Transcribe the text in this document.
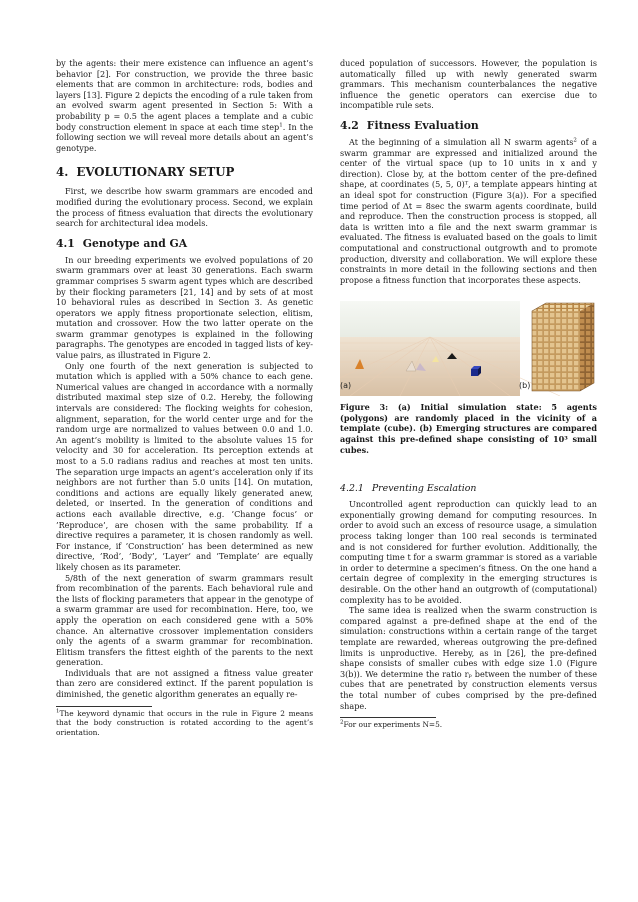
by the agents: their mere existence can influence an agent’s behavior [2]. For construction, we provide the three basic elements that are common in architecture: rods, bodies and layers [13]. Figure 2 depicts the encoding of a rule taken from an evolved swarm agent presented in Section 5: With a probability p = 0.5 the agent places a template and a cubic body construction element in space at each time step$^1$. In the following section we will reveal more details about an agent’s genotype.

4. EVOLUTIONARY SETUP

First, we describe how swarm grammars are encoded and modified during the evolutionary process. Second, we explain the process of fitness evaluation that directs the evolutionary search for architectural idea models.

4.1 Genotype and GA

In our breeding experiments we evolved populations of 20 swarm grammars over at least 30 generations. Each swarm grammar comprises 5 swarm agent types which are described by their flocking parameters [21, 14] and by sets of at most 10 behavioral rules as described in Section 3. As genetic operators we apply fitness proportionate selection, elitism, mutation and crossover. How the two latter operate on the swarm grammar genotypes is explained in the following paragraphs. The genotypes are encoded in tagged lists of key-value pairs, as illustrated in Figure 2.

Only one fourth of the next generation is subjected to mutation which is applied with a 50% chance to each gene. Numerical values are changed in accordance with a normally distributed maximal step size of 0.2. Hereby, the following intervals are considered: The flocking weights for cohesion, alignment, separation, for the world center urge and for the random urge are normalized to values between 0.0 and 1.0. An agent’s mobility is limited to the absolute values 15 for velocity and 30 for acceleration. Its perception extends at most to a 5.0 radians radius and reaches at most ten units. The separation urge impacts an agent’s acceleration only if its neighbors are not further than 5.0 units [14]. On mutation, conditions and actions are equally likely generated anew, deleted, or inserted. In the generation of conditions and actions each available directive, e.g. ’Change focus’ or ’Reproduce’, are chosen with the same probability. If a directive requires a parameter, it is chosen randomly as well. For instance, if ’Construction’ has been determined as new directive, ’Rod’, ’Body’, ’Layer’ and ’Template’ are equally likely chosen as its parameter.

5/8th of the next generation of swarm grammars result from recombination of the parents. Each behavioral rule and the lists of flocking parameters that appear in the genotype of a swarm grammar are used for recombination. Here, too, we apply the operation on each considered gene with a 50% chance. An alternative crossover implementation considers only the agents of a swarm grammar for recombination. Elitism transfers the fittest eighth of the parents to the next generation.

Individuals that are not assigned a fitness value greater than zero are considered extinct. If the parent population is diminished, the genetic algorithm generates an equally re-

$^1$The keyword dynamic that occurs in the rule in Figure 2 means that the body construction is rotated according to the agent’s orientation.

duced population of successors. However, the population is automatically filled up with newly generated swarm grammars. This mechanism counterbalances the negative influence the genetic operators can exercise due to incompatible rule sets.

4.2 Fitness Evaluation

At the beginning of a simulation all N swarm agents$^2$ of a swarm grammar are expressed and initialized around the center of the virtual space (up to 10 units in x and y direction). Close by, at the bottom center of the pre-defined shape, at coordinates (5, 5, 0)ᵀ, a template appears hinting at an ideal spot for construction (Figure 3(a)). For a specified time period of Δt = 8sec the swarm agents coordinate, build and reproduce. Then the construction process is stopped, all data is written into a file and the next swarm grammar is evaluated. The fitness is evaluated based on the goals to limit computational and constructional outgrowth and to promote production, diversity and collaboration. We will explore these constraints in more detail in the following sections and then propose a fitness function that incorporates these aspects.

(a)	(b)

Figure 3: (a) Initial simulation state: 5 agents (polygons) are randomly placed in the vicinity of a template (cube). (b) Emerging structures are compared against this pre-defined shape consisting of 10³ small cubes.

4.2.1 Preventing Escalation

Uncontrolled agent reproduction can quickly lead to an exponentially growing demand for computing resources. In order to avoid such an excess of resource usage, a simulation process taking longer than 100 real seconds is terminated and is not considered for further evolution. Additionally, the computing time t for a swarm grammar is stored as a variable in order to determine a specimen’s fitness. On the one hand a certain degree of complexity in the emerging structures is desirable. On the other hand an outgrowth of (computational) complexity has to be avoided.

The same idea is realized when the swarm construction is compared against a pre-defined shape at the end of the simulation: constructions within a certain range of the target template are rewarded, whereas outgrowing the pre-defined limits is unproductive. Hereby, as in [26], the pre-defined shape consists of smaller cubes with edge size 1.0 (Figure 3(b)). We determine the ratio rₚ between the number of these cubes that are penetrated by construction elements versus the total number of cubes comprised by the pre-defined shape.

$^2$For our experiments N=5.
